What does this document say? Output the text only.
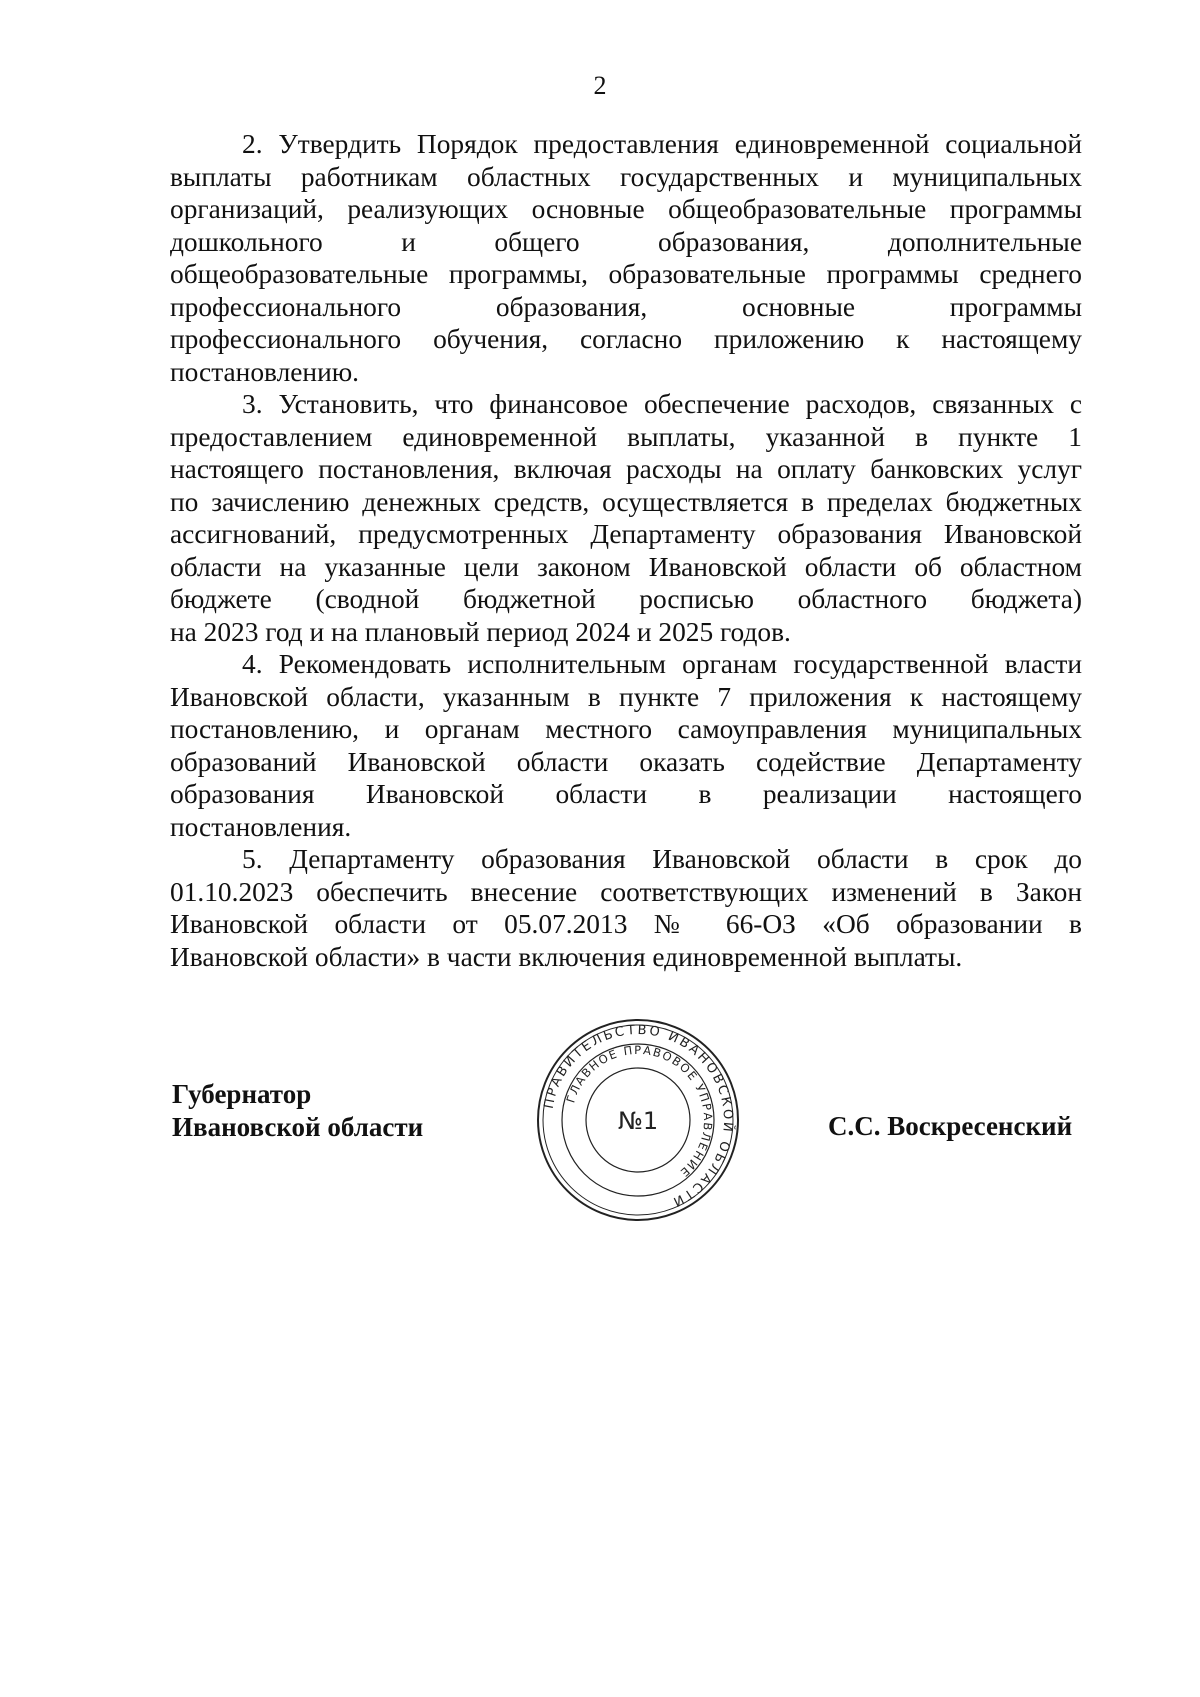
2

2. Утвердить Порядок предоставления единовременной социальной
выплаты работникам областных государственных и муниципальных
организаций, реализующих основные общеобразовательные программы
дошкольного и общего образования, дополнительные
общеобразовательные программы, образовательные программы среднего
профессионального образования, основные программы
профессионального обучения, согласно приложению к настоящему
постановлению.

3. Установить, что финансовое обеспечение расходов, связанных с
предоставлением единовременной выплаты, указанной в пункте 1
настоящего постановления, включая расходы на оплату банковских услуг
по зачислению денежных средств, осуществляется в пределах бюджетных
ассигнований, предусмотренных Департаменту образования Ивановской
области на указанные цели законом Ивановской области об областном
бюджете (сводной бюджетной росписью областного бюджета)
на 2023 год и на плановый период 2024 и 2025 годов.

4. Рекомендовать исполнительным органам государственной власти
Ивановской области, указанным в пункте 7 приложения к настоящему
постановлению, и органам местного самоуправления муниципальных
образований Ивановской области оказать содействие Департаменту
образования Ивановской области в реализации настоящего
постановления.

5. Департаменту образования Ивановской области в срок до
01.10.2023 обеспечить внесение соответствующих изменений в Закон
Ивановской области от 05.07.2013 № 66-ОЗ «Об образовании в
Ивановской области» в части включения единовременной выплаты.

Губернатор
Ивановской области
ПРАВИТЕЛЬСТВО ИВАНОВСКОЙ ОБЛАСТИ
ГЛАВНОЕ ПРАВОВОЕ УПРАВЛЕНИЕ
№1	С.С. Воскресенский
